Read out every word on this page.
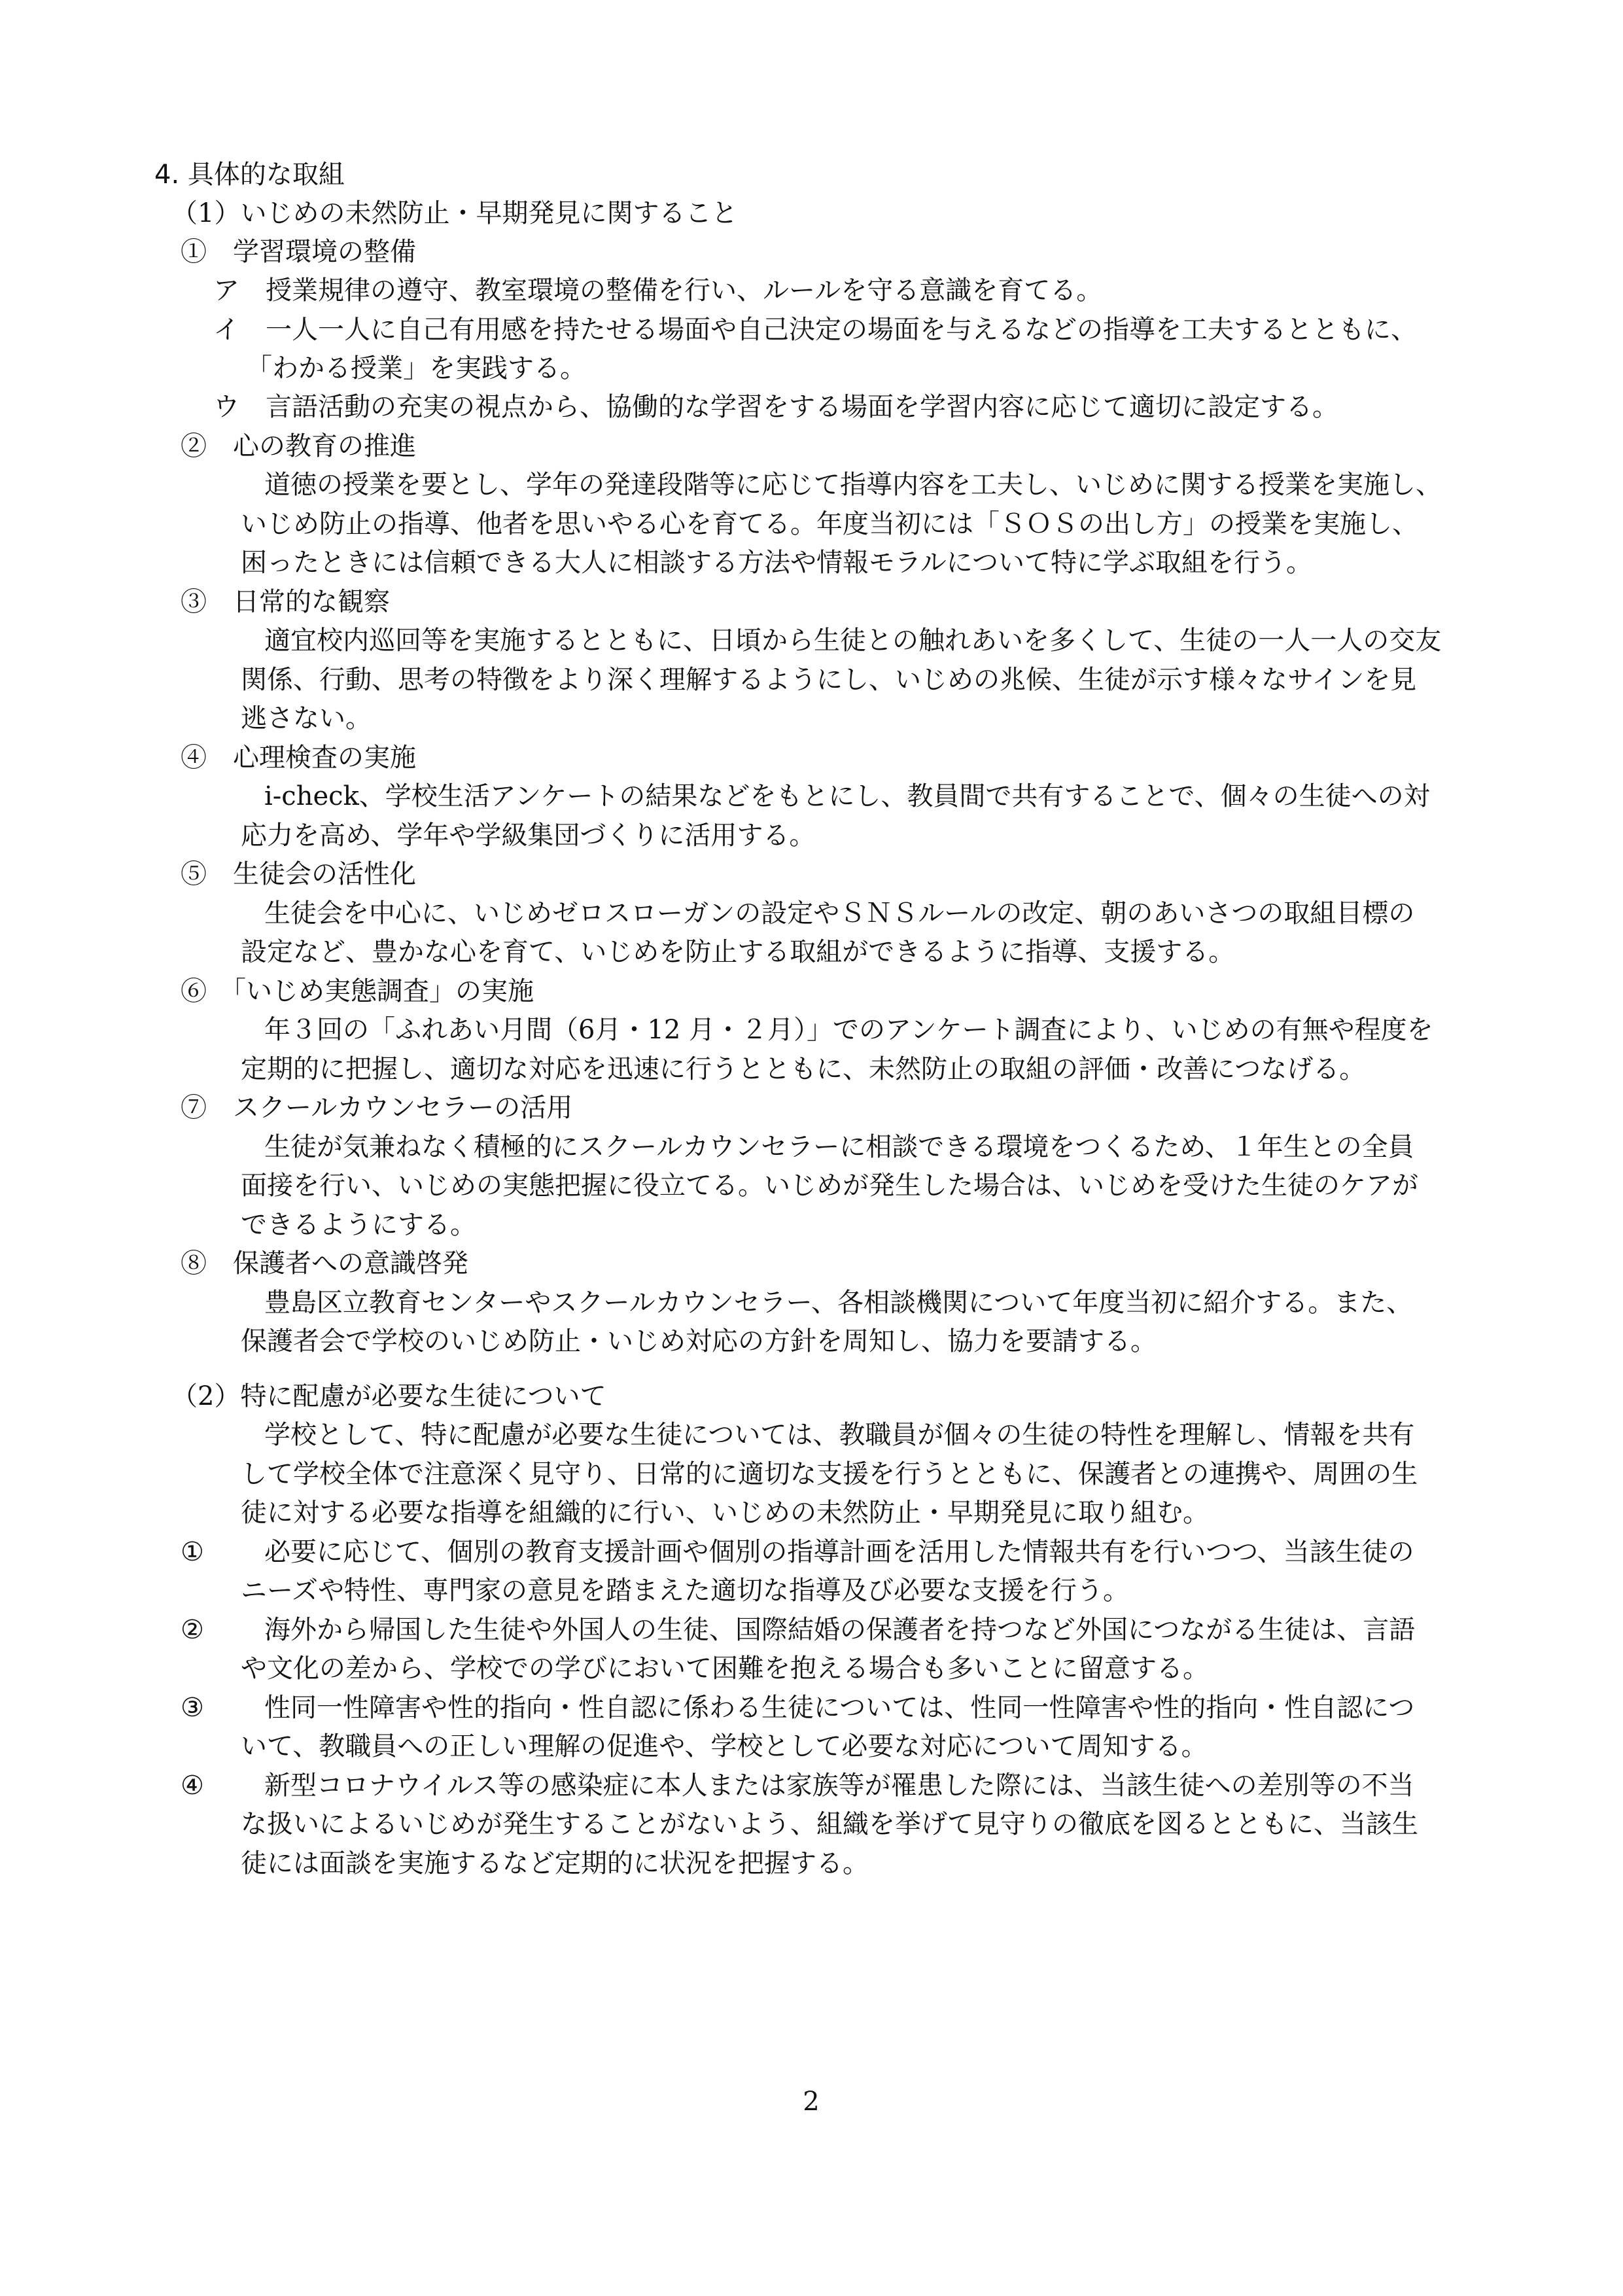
4. 具体的な取組
（1）いじめの未然防止・早期発見に関すること
①　学習環境の整備
ア　授業規律の遵守、教室環境の整備を行い、ルールを守る意識を育てる。
イ　一人一人に自己有用感を持たせる場面や自己決定の場面を与えるなどの指導を工夫するとともに、
「わかる授業」を実践する。
ウ　言語活動の充実の視点から、協働的な学習をする場面を学習内容に応じて適切に設定する。
②　心の教育の推進
道徳の授業を要とし、学年の発達段階等に応じて指導内容を工夫し、いじめに関する授業を実施し、
いじめ防止の指導、他者を思いやる心を育てる。年度当初には「ＳＯＳの出し方」の授業を実施し、
困ったときには信頼できる大人に相談する方法や情報モラルについて特に学ぶ取組を行う。
③　日常的な観察
適宜校内巡回等を実施するとともに、日頃から生徒との触れあいを多くして、生徒の一人一人の交友
関係、行動、思考の特徴をより深く理解するようにし、いじめの兆候、生徒が示す様々なサインを見
逃さない。
④　心理検査の実施
i-check、学校生活アンケートの結果などをもとにし、教員間で共有することで、個々の生徒への対
応力を高め、学年や学級集団づくりに活用する。
⑤　生徒会の活性化
生徒会を中心に、いじめゼロスローガンの設定やＳＮＳルールの改定、朝のあいさつの取組目標の
設定など、豊かな心を育て、いじめを防止する取組ができるように指導、支援する。
⑥　「いじめ実態調査」の実施
年３回の「ふれあい月間（6月・12 月・２月）」でのアンケート調査により、いじめの有無や程度を
定期的に把握し、適切な対応を迅速に行うとともに、未然防止の取組の評価・改善につなげる。
⑦　スクールカウンセラーの活用
生徒が気兼ねなく積極的にスクールカウンセラーに相談できる環境をつくるため、１年生との全員
面接を行い、いじめの実態把握に役立てる。いじめが発生した場合は、いじめを受けた生徒のケアが
できるようにする。
⑧　保護者への意識啓発
豊島区立教育センターやスクールカウンセラー、各相談機関について年度当初に紹介する。また、
保護者会で学校のいじめ防止・いじめ対応の方針を周知し、協力を要請する。
（2）特に配慮が必要な生徒について
学校として、特に配慮が必要な生徒については、教職員が個々の生徒の特性を理解し、情報を共有
して学校全体で注意深く見守り、日常的に適切な支援を行うとともに、保護者との連携や、周囲の生
徒に対する必要な指導を組織的に行い、いじめの未然防止・早期発見に取り組む。
① 必要に応じて、個別の教育支援計画や個別の指導計画を活用した情報共有を行いつつ、当該生徒の
ニーズや特性、専門家の意見を踏まえた適切な指導及び必要な支援を行う。
② 海外から帰国した生徒や外国人の生徒、国際結婚の保護者を持つなど外国につながる生徒は、言語
や文化の差から、学校での学びにおいて困難を抱える場合も多いことに留意する。
③ 性同一性障害や性的指向・性自認に係わる生徒については、性同一性障害や性的指向・性自認につ
いて、教職員への正しい理解の促進や、学校として必要な対応について周知する。
④ 新型コロナウイルス等の感染症に本人または家族等が罹患した際には、当該生徒への差別等の不当
な扱いによるいじめが発生することがないよう、組織を挙げて見守りの徹底を図るとともに、当該生
徒には面談を実施するなど定期的に状況を把握する。
2
